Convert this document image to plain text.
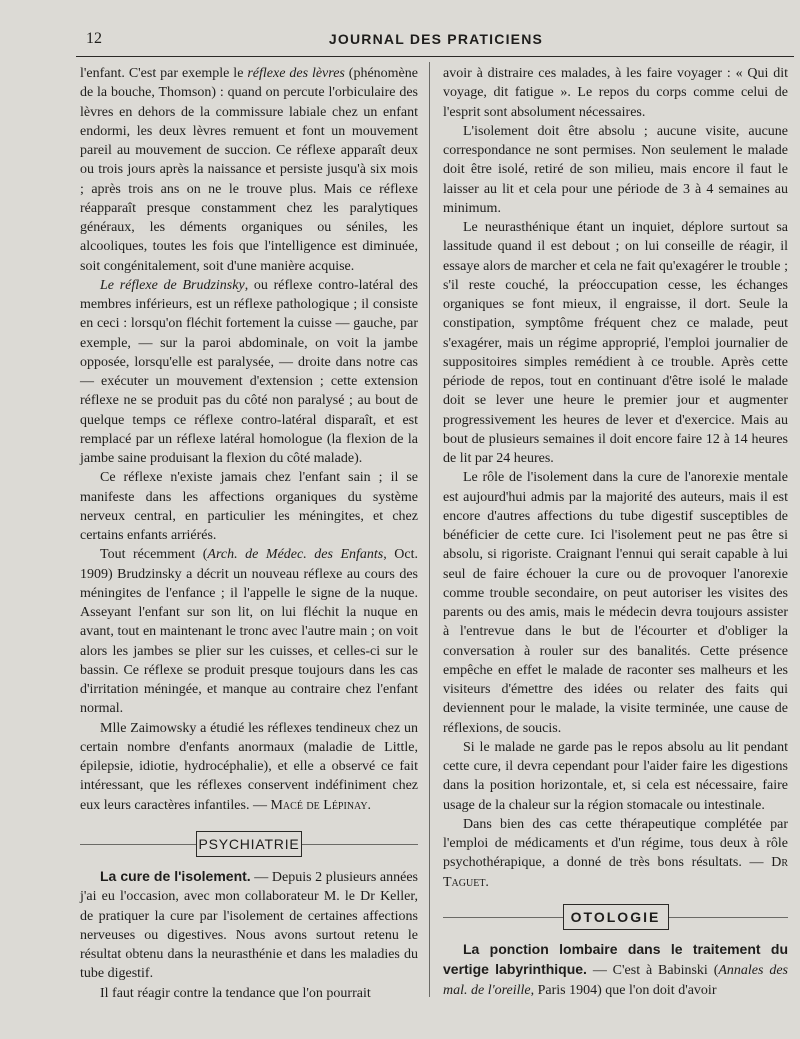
12	JOURNAL DES PRATICIENS

l'enfant. C'est par exemple le réflexe des lèvres (phénomène de la bouche, Thomson) : quand on percute l'orbiculaire des lèvres en dehors de la commissure labiale chez un enfant endormi, les deux lèvres remuent et font un mouvement pareil au mouvement de succion. Ce réflexe apparaît deux ou trois jours après la naissance et persiste jusqu'à six mois ; après trois ans on ne le trouve plus. Mais ce réflexe réapparaît presque constamment chez les paralytiques généraux, les déments organiques ou séniles, les alcooliques, toutes les fois que l'intelligence est diminuée, soit congénitalement, soit d'une manière acquise.

Le réflexe de Brudzinsky, ou réflexe contro-latéral des membres inférieurs, est un réflexe pathologique ; il consiste en ceci : lorsqu'on fléchit fortement la cuisse — gauche, par exemple, — sur la paroi abdominale, on voit la jambe opposée, lorsqu'elle est paralysée, — droite dans notre cas — exécuter un mouvement d'extension ; cette extension réflexe ne se produit pas du côté non paralysé ; au bout de quelque temps ce réflexe contro-latéral disparaît, et est remplacé par un réflexe latéral homologue (la flexion de la jambe saine produisant la flexion du côté malade).

Ce réflexe n'existe jamais chez l'enfant sain ; il se manifeste dans les affections organiques du système nerveux central, en particulier les méningites, et chez certains enfants arriérés.

Tout récemment (Arch. de Médec. des Enfants, Oct. 1909) Brudzinsky a décrit un nouveau réflexe au cours des méningites de l'enfance ; il l'appelle le signe de la nuque. Asseyant l'enfant sur son lit, on lui fléchit la nuque en avant, tout en maintenant le tronc avec l'autre main ; on voit alors les jambes se plier sur les cuisses, et celles-ci sur le bassin. Ce réflexe se produit presque toujours dans les cas d'irritation méningée, et manque au contraire chez l'enfant normal.

Mlle Zaimowsky a étudié les réflexes tendineux chez un certain nombre d'enfants anormaux (maladie de Little, épilepsie, idiotie, hydrocéphalie), et elle a observé ce fait intéressant, que les réflexes conservent indéfiniment chez eux leurs caractères infantiles. — Macé de Lépinay.

PSYCHIATRIE

La cure de l'isolement. — Depuis 2 plusieurs années j'ai eu l'occasion, avec mon collaborateur M. le Dr Keller, de pratiquer la cure par l'isolement de certaines affections nerveuses ou digestives. Nous avons surtout retenu le résultat obtenu dans la neurasthénie et dans les maladies du tube digestif.

Il faut réagir contre la tendance que l'on pourrait

avoir à distraire ces malades, à les faire voyager : « Qui dit voyage, dit fatigue ». Le repos du corps comme celui de l'esprit sont absolument nécessaires.

L'isolement doit être absolu ; aucune visite, aucune correspondance ne sont permises. Non seulement le malade doit être isolé, retiré de son milieu, mais encore il faut le laisser au lit et cela pour une période de 3 à 4 semaines au minimum.

Le neurasthénique étant un inquiet, déplore surtout sa lassitude quand il est debout ; on lui conseille de réagir, il essaye alors de marcher et cela ne fait qu'exagérer le trouble ; s'il reste couché, la préoccupation cesse, les échanges organiques se font mieux, il engraisse, il dort. Seule la constipation, symptôme fréquent chez ce malade, peut s'exagérer, mais un régime approprié, l'emploi journalier de suppositoires simples remédient à ce trouble. Après cette période de repos, tout en continuant d'être isolé le malade doit se lever une heure le premier jour et augmenter progressivement les heures de lever et d'exercice. Mais au bout de plusieurs semaines il doit encore faire 12 à 14 heures de lit par 24 heures.

Le rôle de l'isolement dans la cure de l'anorexie mentale est aujourd'hui admis par la majorité des auteurs, mais il est encore d'autres affections du tube digestif susceptibles de bénéficier de cette cure. Ici l'isolement peut ne pas être si absolu, si rigoriste. Craignant l'ennui qui serait capable à lui seul de faire échouer la cure ou de provoquer l'anorexie comme trouble secondaire, on peut autoriser les visites des parents ou des amis, mais le médecin devra toujours assister à l'entrevue dans le but de l'écourter et d'obliger la conversation à rouler sur des banalités. Cette présence empêche en effet le malade de raconter ses malheurs et les visiteurs d'émettre des idées ou relater des faits qui deviennent pour le malade, la visite terminée, une cause de réflexions, de soucis.

Si le malade ne garde pas le repos absolu au lit pendant cette cure, il devra cependant pour l'aider faire les digestions dans la position horizontale, et, si cela est nécessaire, faire usage de la chaleur sur la région stomacale ou intestinale.

Dans bien des cas cette thérapeutique complétée par l'emploi de médicaments et d'un régime, tous deux à rôle psychothérapique, a donné de très bons résultats. — Dr Taguet.

OTOLOGIE

La ponction lombaire dans le traitement du vertige labyrinthique. — C'est à Babinski (Annales des mal. de l'oreille, Paris 1904) que l'on doit d'avoir
